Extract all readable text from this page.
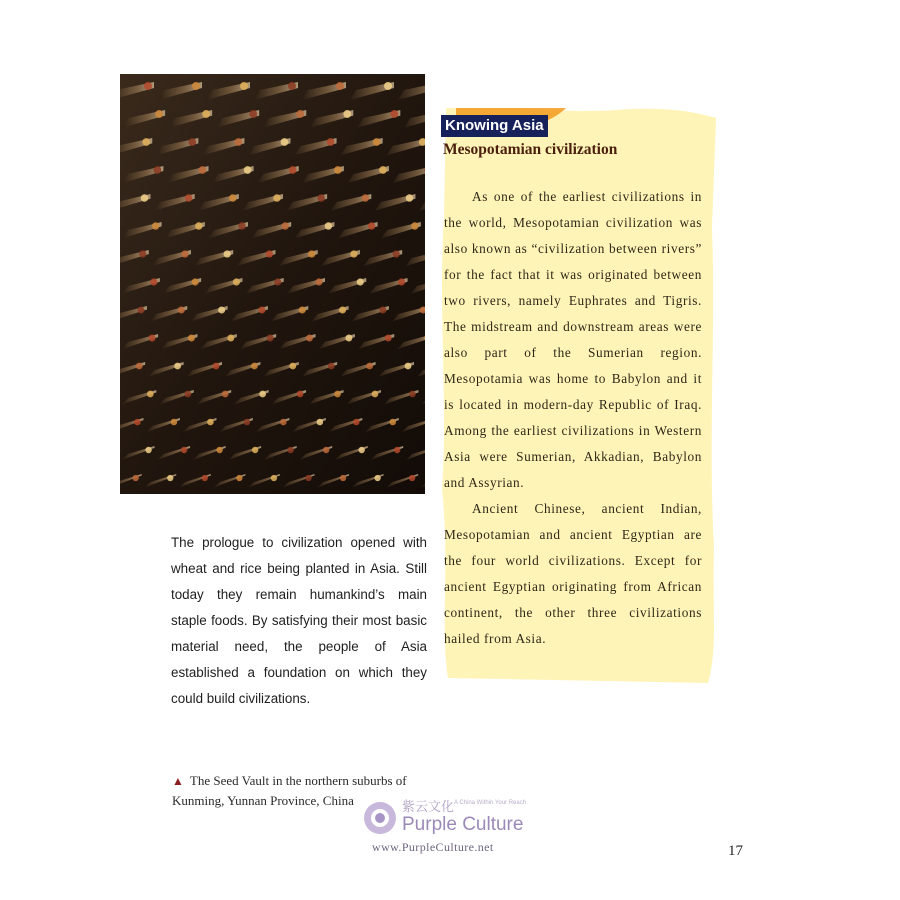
Knowing Asia
Mesopotamian civilization

As one of the earliest civilizations in the world, Mesopotamian civilization was also known as “civilization between rivers” for the fact that it was originated between two rivers, namely Euphrates and Tigris. The midstream and downstream areas were also part of the Sumerian region. Mesopotamia was home to Babylon and it is located in modern-day Republic of Iraq. Among the earliest civilizations in Western Asia were Sumerian, Akkadian, Babylon and Assyrian.

Ancient Chinese, ancient Indian, Mesopotamian and ancient Egyptian are the four world civilizations. Except for ancient Egyptian originating from African continent, the other three civilizations hailed from Asia.

The prologue to civilization opened with wheat and rice being planted in Asia. Still today they remain humankind’s main staple foods. By satisfying their most basic material need, the people of Asia established a foundation on which they could build civilizations.
▲ The Seed Vault in the northern suburbs of Kunming, Yunnan Province, China	紫云文化 A China Within Your Reach
Purple Culture
www.PurpleCulture.net	17
